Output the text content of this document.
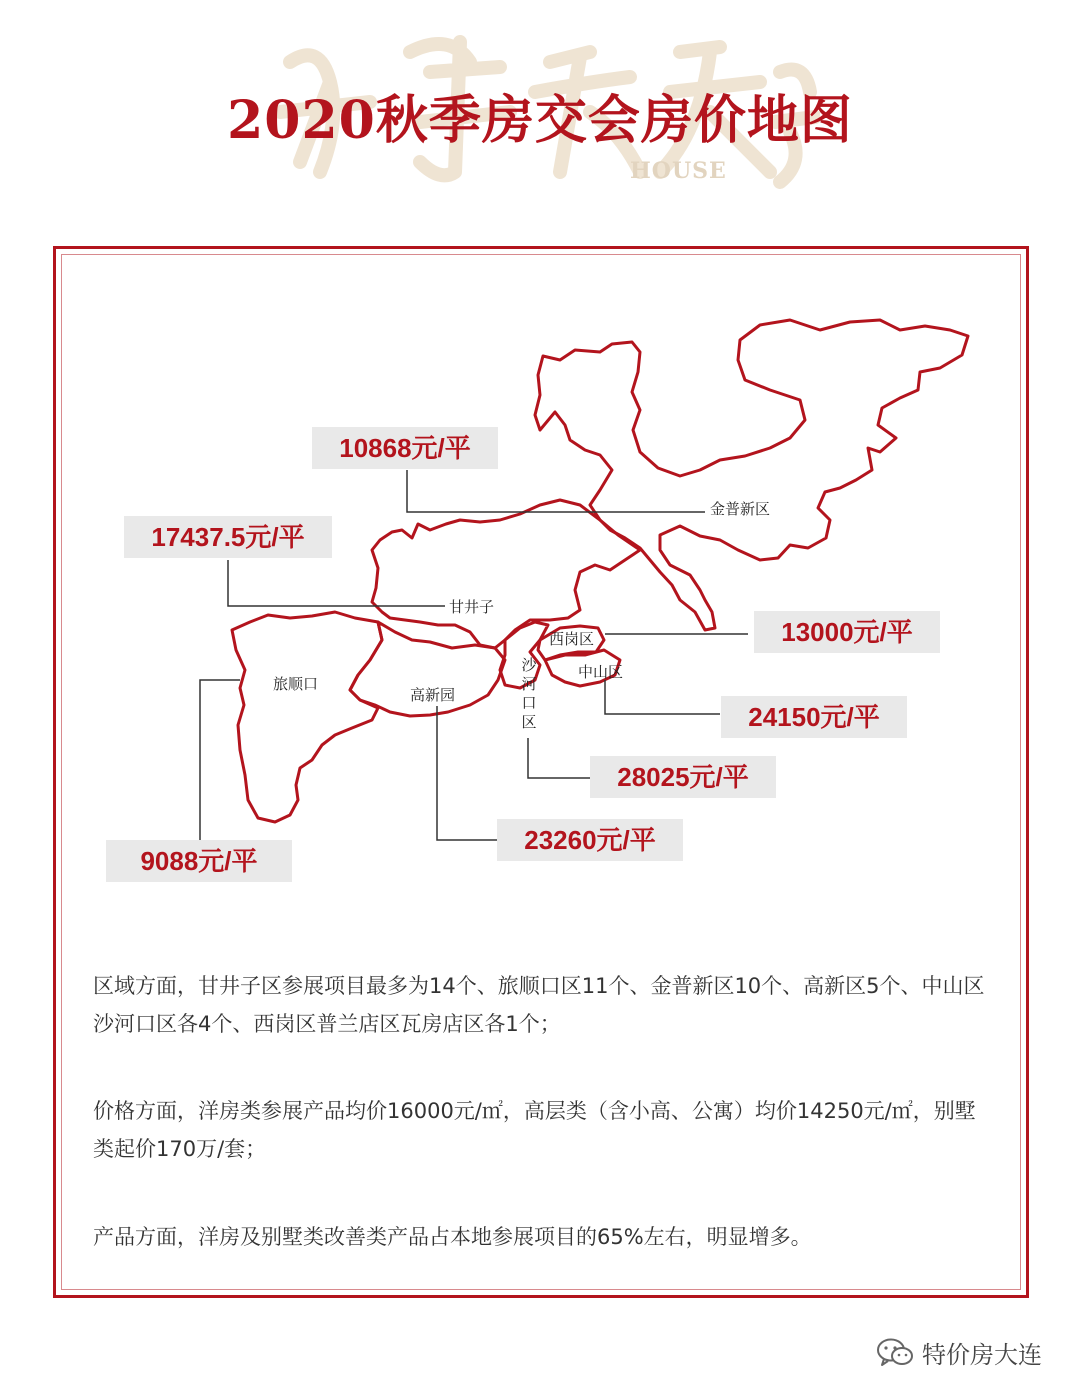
HOUSE
2020秋季房交会房价地图
金普新区
甘井子
旅顺口
高新园
沙河口区
西岗区
中山区
10868元/平
17437.5元/平
13000元/平
24150元/平
28025元/平
23260元/平
9088元/平

区域方面，甘井子区参展项目最多为14个、旅顺口区11个、金普新区10个、高新区5个、中山区沙河口区各4个、西岗区普兰店区瓦房店区各1个；

价格方面，洋房类参展产品均价16000元/㎡，高层类（含小高、公寓）均价14250元/㎡，别墅类起价170万/套；

产品方面，洋房及别墅类改善类产品占本地参展项目的65%左右，明显增多。

特价房大连
